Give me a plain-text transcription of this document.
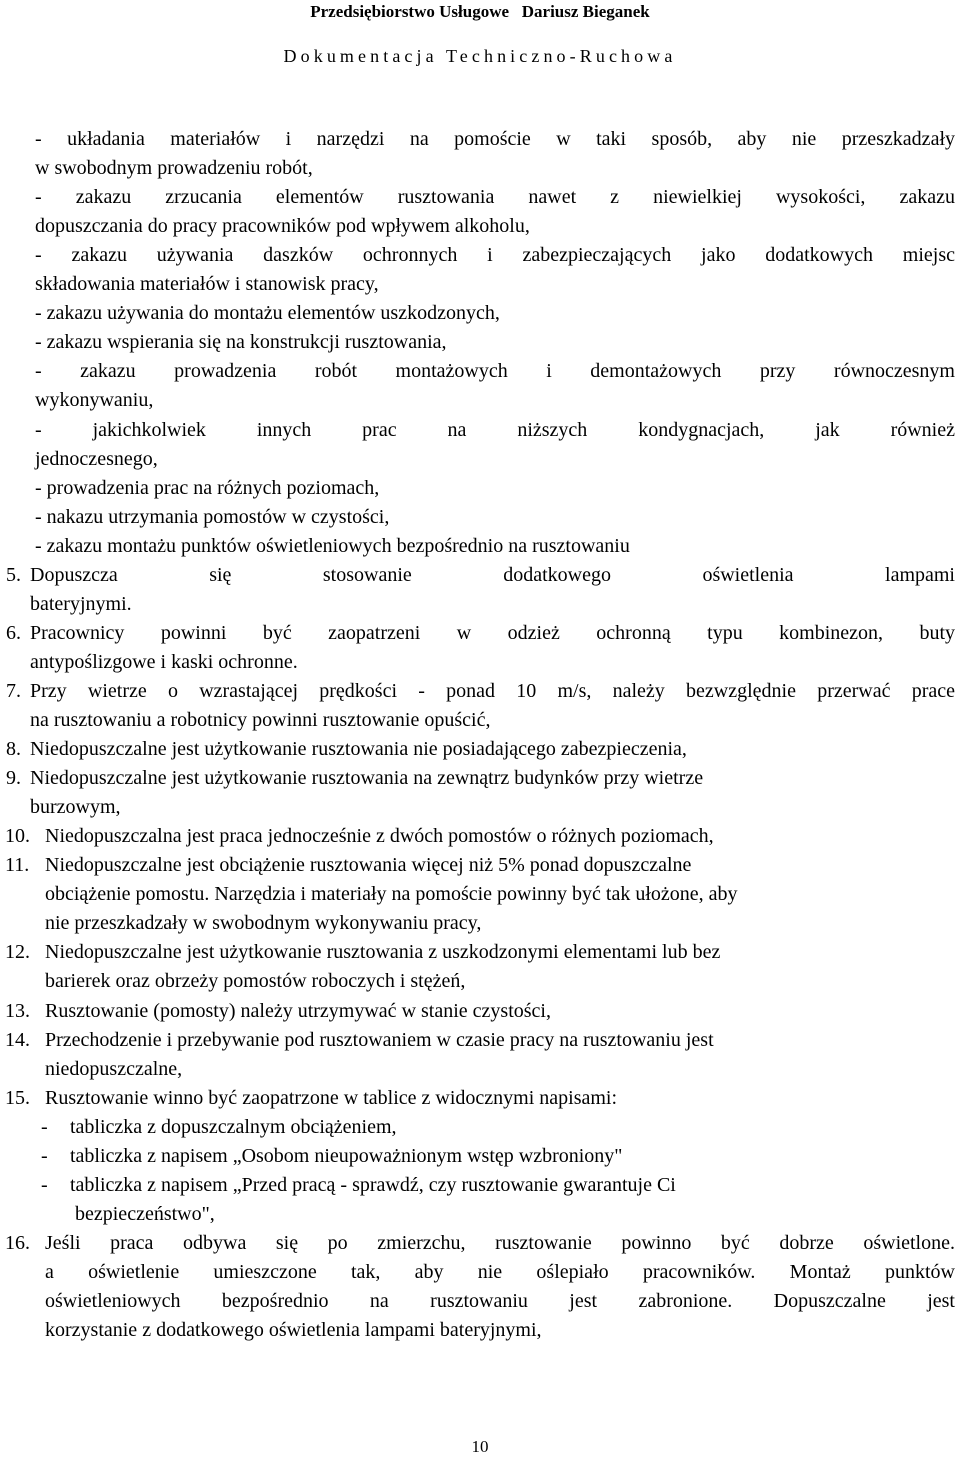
Przedsiębiorstwo Usługowe   Dariusz Bieganek
Dokumentacja Techniczno-Ruchowa
- układania materiałów i narzędzi na pomoście w taki sposób, aby nie przeszkadzały
w swobodnym prowadzeniu robót,
- zakazu zrzucania elementów rusztowania nawet z niewielkiej wysokości, zakazu
dopuszczania do pracy pracowników pod wpływem alkoholu,
- zakazu używania daszków ochronnych i zabezpieczających jako dodatkowych miejsc
składowania materiałów i stanowisk pracy,
- zakazu używania do montażu elementów uszkodzonych,
- zakazu wspierania się na konstrukcji rusztowania,
- zakazu prowadzenia robót montażowych i demontażowych przy równoczesnym
wykonywaniu,
- jakichkolwiek innych prac na niższych kondygnacjach, jak również
jednoczesnego,
- prowadzenia prac na różnych poziomach,
- nakazu utrzymania pomostów w czystości,
- zakazu montażu punktów oświetleniowych bezpośrednio na rusztowaniu
5. Dopuszcza się stosowanie dodatkowego oświetlenia lampami
bateryjnymi.
6. Pracownicy powinni być zaopatrzeni w odzież ochronną typu kombinezon, buty
antypoślizgowe i kaski ochronne.
7. Przy wietrze o wzrastającej prędkości - ponad 10 m/s, należy bezwzględnie przerwać prace
na rusztowaniu a robotnicy powinni rusztowanie opuścić,
8. Niedopuszczalne jest użytkowanie rusztowania nie posiadającego zabezpieczenia,
9. Niedopuszczalne jest użytkowanie rusztowania na zewnątrz budynków przy wietrze
burzowym,
10. Niedopuszczalna jest praca jednocześnie z dwóch pomostów o różnych poziomach,
11. Niedopuszczalne jest obciążenie rusztowania więcej niż 5% ponad dopuszczalne
obciążenie pomostu. Narzędzia i materiały na pomoście powinny być tak ułożone, aby
nie przeszkadzały w swobodnym wykonywaniu pracy,
12. Niedopuszczalne jest użytkowanie rusztowania z uszkodzonymi elementami lub bez
barierek oraz obrzeży pomostów roboczych i stężeń,
13. Rusztowanie (pomosty) należy utrzymywać w stanie czystości,
14. Przechodzenie i przebywanie pod rusztowaniem w czasie pracy na rusztowaniu jest
niedopuszczalne,
15. Rusztowanie winno być zaopatrzone w tablice z widocznymi napisami:
- tabliczka z dopuszczalnym obciążeniem,
- tabliczka z napisem „Osobom nieupoważnionym wstęp wzbroniony"
- tabliczka z napisem „Przed pracą - sprawdź, czy rusztowanie gwarantuje Ci
bezpieczeństwo",
16. Jeśli praca odbywa się po zmierzchu, rusztowanie powinno być dobrze oświetlone.
a oświetlenie umieszczone tak, aby nie oślepiało pracowników. Montaż punktów
oświetleniowych bezpośrednio na rusztowaniu jest zabronione. Dopuszczalne jest
korzystanie z dodatkowego oświetlenia lampami bateryjnymi,
10
